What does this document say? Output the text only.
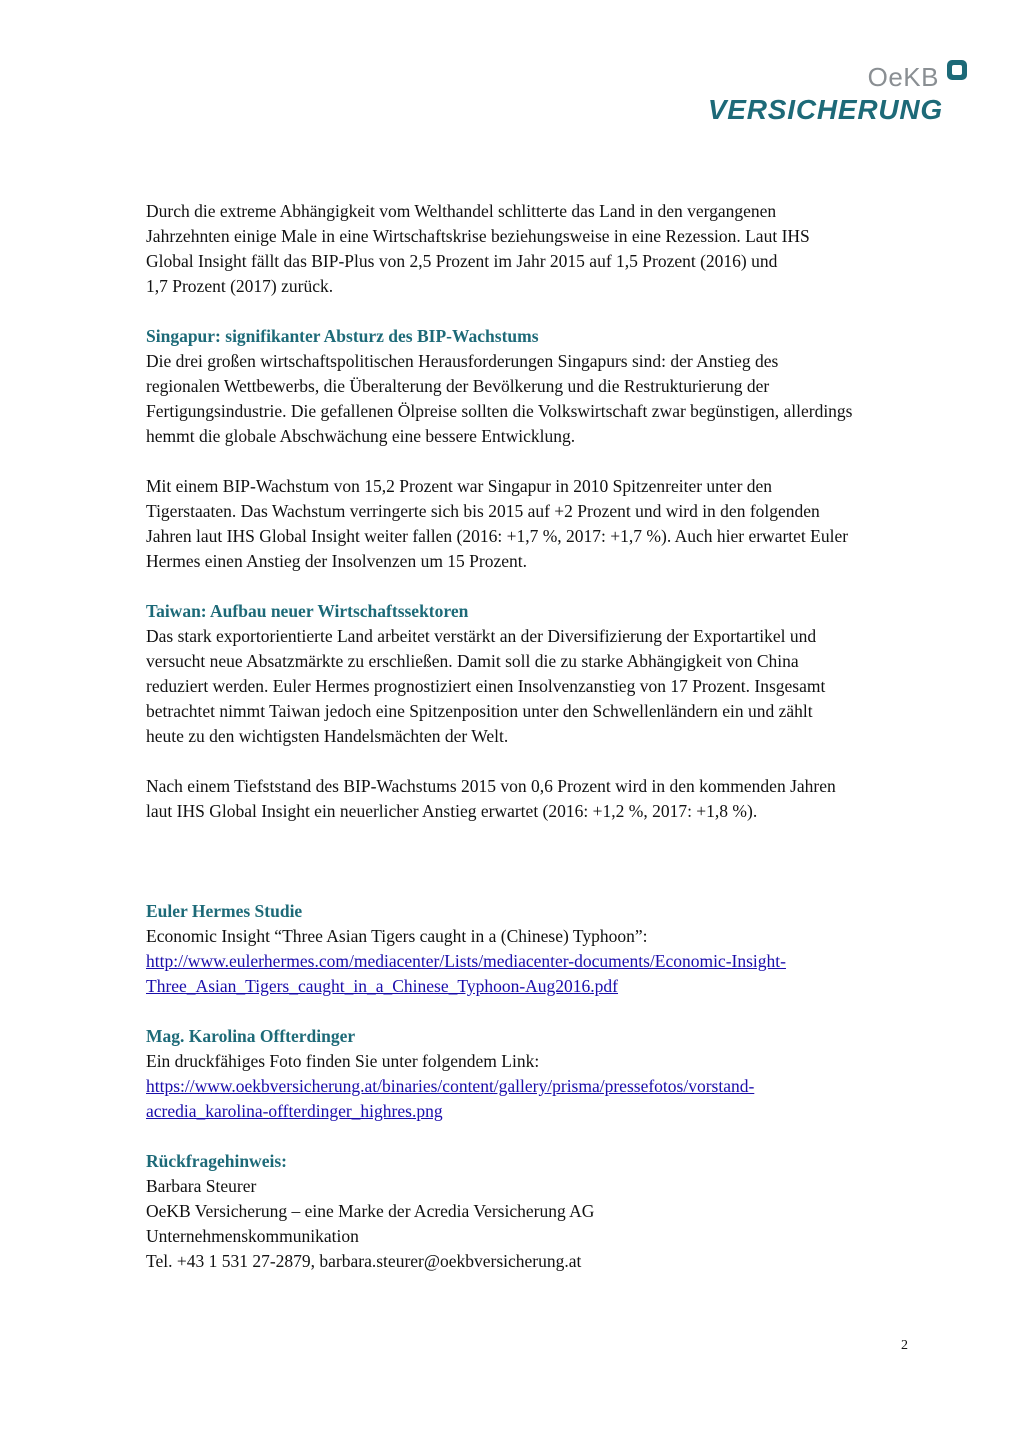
OeKB
VERSICHERUNG
Durch die extreme Abhängigkeit vom Welthandel schlitterte das Land in den vergangenen
Jahrzehnten einige Male in eine Wirtschaftskrise beziehungsweise in eine Rezession. Laut IHS
Global Insight fällt das BIP-Plus von 2,5 Prozent im Jahr 2015 auf 1,5 Prozent (2016) und
1,7 Prozent (2017) zurück.
Singapur: signifikanter Absturz des BIP-Wachstums
Die drei großen wirtschaftspolitischen Herausforderungen Singapurs sind: der Anstieg des
regionalen Wettbewerbs, die Überalterung der Bevölkerung und die Restrukturierung der
Fertigungsindustrie. Die gefallenen Ölpreise sollten die Volkswirtschaft zwar begünstigen, allerdings
hemmt die globale Abschwächung eine bessere Entwicklung.
Mit einem BIP-Wachstum von 15,2 Prozent war Singapur in 2010 Spitzenreiter unter den
Tigerstaaten. Das Wachstum verringerte sich bis 2015 auf +2 Prozent und wird in den folgenden
Jahren laut IHS Global Insight weiter fallen (2016: +1,7 %, 2017: +1,7 %). Auch hier erwartet Euler
Hermes einen Anstieg der Insolvenzen um 15 Prozent.
Taiwan: Aufbau neuer Wirtschaftssektoren
Das stark exportorientierte Land arbeitet verstärkt an der Diversifizierung der Exportartikel und
versucht neue Absatzmärkte zu erschließen. Damit soll die zu starke Abhängigkeit von China
reduziert werden. Euler Hermes prognostiziert einen Insolvenzanstieg von 17 Prozent. Insgesamt
betrachtet nimmt Taiwan jedoch eine Spitzenposition unter den Schwellenländern ein und zählt
heute zu den wichtigsten Handelsmächten der Welt.
Nach einem Tiefststand des BIP-Wachstums 2015 von 0,6 Prozent wird in den kommenden Jahren
laut IHS Global Insight ein neuerlicher Anstieg erwartet (2016: +1,2 %, 2017: +1,8 %).
Euler Hermes Studie
Economic Insight “Three Asian Tigers caught in a (Chinese) Typhoon”:
http://www.eulerhermes.com/mediacenter/Lists/mediacenter-documents/Economic-Insight-
Three_Asian_Tigers_caught_in_a_Chinese_Typhoon-Aug2016.pdf
Mag. Karolina Offterdinger
Ein druckfähiges Foto finden Sie unter folgendem Link:
https://www.oekbversicherung.at/binaries/content/gallery/prisma/pressefotos/vorstand-
acredia_karolina-offterdinger_highres.png
Rückfragehinweis:
Barbara Steurer
OeKB Versicherung – eine Marke der Acredia Versicherung AG
Unternehmenskommunikation
Tel. +43 1 531 27-2879, barbara.steurer@oekbversicherung.at
2
